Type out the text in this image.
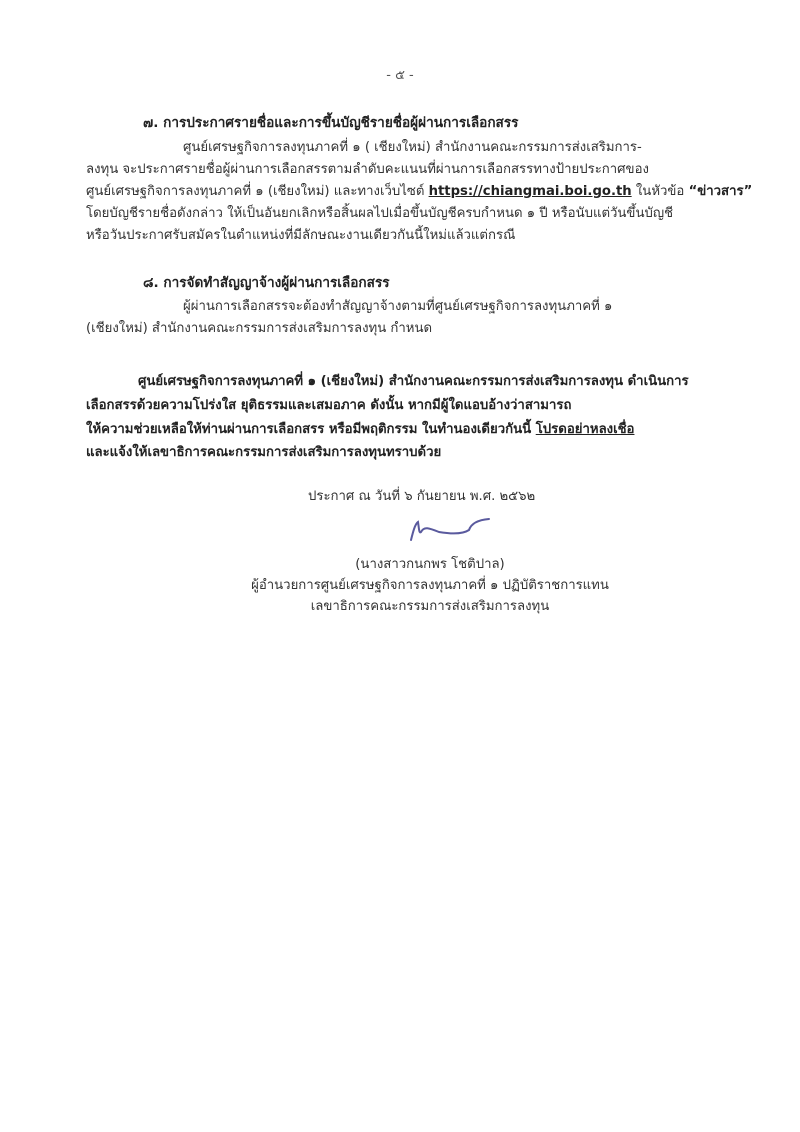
- ๕ -
๗. การประกาศรายชื่อและการขึ้นบัญชีรายชื่อผู้ผ่านการเลือกสรร
ศูนย์เศรษฐกิจการลงทุนภาคที่ ๑ ( เชียงใหม่) สำนักงานคณะกรรมการส่งเสริมการ-
ลงทุน จะประกาศรายชื่อผู้ผ่านการเลือกสรรตามลำดับคะแนนที่ผ่านการเลือกสรรทางป้ายประกาศของ
ศูนย์เศรษฐกิจการลงทุนภาคที่ ๑ (เชียงใหม่) และทางเว็บไซต์ https://chiangmai.boi.go.th ในหัวข้อ “ข่าวสาร”
โดยบัญชีรายชื่อดังกล่าว ให้เป็นอันยกเลิกหรือสิ้นผลไปเมื่อขึ้นบัญชีครบกำหนด ๑ ปี หรือนับแต่วันขึ้นบัญชี
หรือวันประกาศรับสมัครในตำแหน่งที่มีลักษณะงานเดียวกันนี้ใหม่แล้วแต่กรณี
๘. การจัดทำสัญญาจ้างผู้ผ่านการเลือกสรร
ผู้ผ่านการเลือกสรรจะต้องทำสัญญาจ้างตามที่ศูนย์เศรษฐกิจการลงทุนภาคที่ ๑
(เชียงใหม่) สำนักงานคณะกรรมการส่งเสริมการลงทุน กำหนด
ศูนย์เศรษฐกิจการลงทุนภาคที่ ๑ (เชียงใหม่) สำนักงานคณะกรรมการส่งเสริมการลงทุน ดำเนินการ
เลือกสรรด้วยความโปร่งใส ยุติธรรมและเสมอภาค ดังนั้น หากมีผู้ใดแอบอ้างว่าสามารถ
ให้ความช่วยเหลือให้ท่านผ่านการเลือกสรร หรือมีพฤติกรรม ในทำนองเดียวกันนี้ โปรดอย่าหลงเชื่อ
และแจ้งให้เลขาธิการคณะกรรมการส่งเสริมการลงทุนทราบด้วย
ประกาศ ณ วันที่ ๖ กันยายน พ.ศ. ๒๕๖๒
(นางสาวกนกพร โชติปาล)
ผู้อำนวยการศูนย์เศรษฐกิจการลงทุนภาคที่ ๑ ปฏิบัติราชการแทน
เลขาธิการคณะกรรมการส่งเสริมการลงทุน
